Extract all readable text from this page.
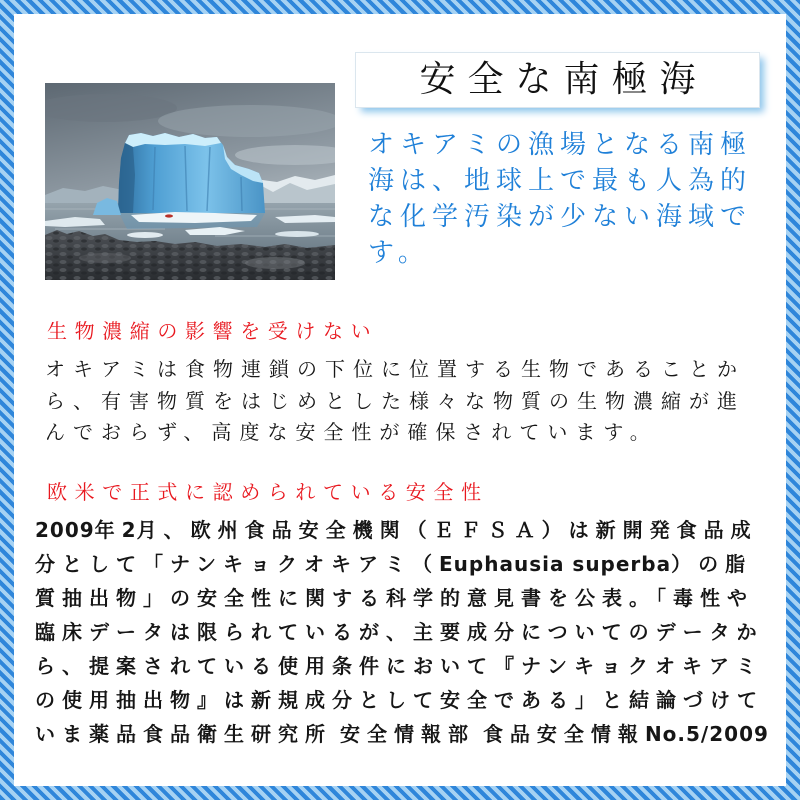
安全な南極海
オキアミの漁場となる南極
海は、地球上で最も人為的
な化学汚染が少ない海域で
す。
生物濃縮の影響を受けない
オキアミは食物連鎖の下位に位置する生物であることか
ら、有害物質をはじめとした様々な物質の生物濃縮が進
んでおらず、高度な安全性が確保されています。
欧米で正式に認められている安全性
2009年2月、欧州食品安全機関（ＥＦＳＡ）は新開発食品成
分として「ナンキョクオキアミ（Euphausia superba）の脂
質抽出物」の安全性に関する科学的意見書を公表。「毒性や
臨床データは限られているが、主要成分についてのデータか
ら、提案されている使用条件において『ナンキョクオキアミ
の使用抽出物』は新規成分として安全である」と結論づけて
いま薬品食品衛生研究所 安全情報部 食品安全情報No.5/2009
